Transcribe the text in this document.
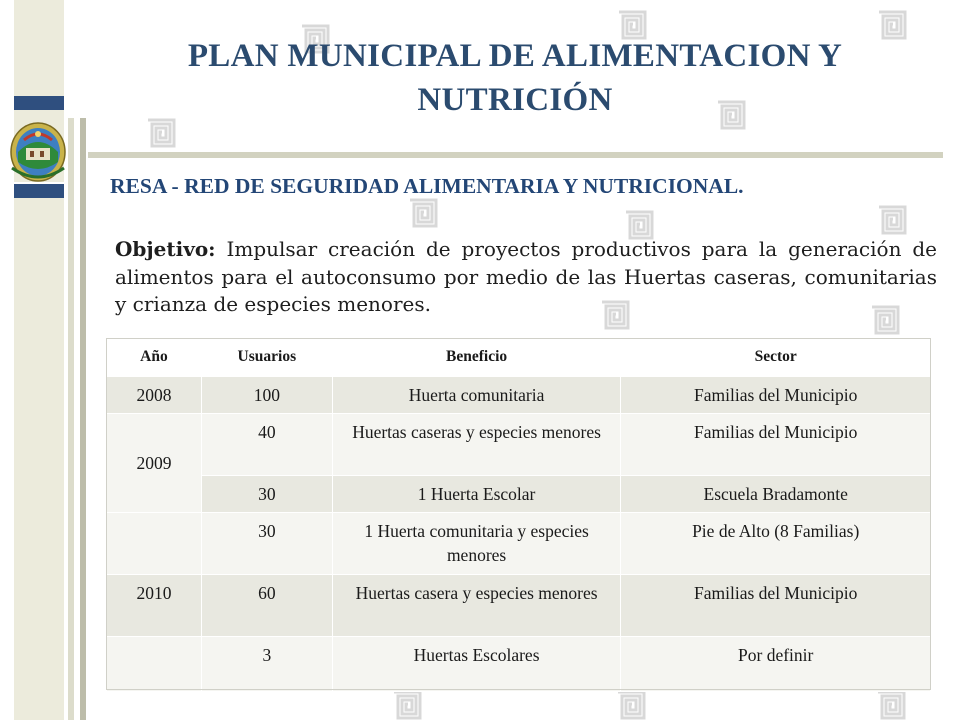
PLAN MUNICIPAL DE ALIMENTACION Y NUTRICIÓN
RESA - RED DE SEGURIDAD ALIMENTARIA Y NUTRICIONAL.
Objetivo: Impulsar creación de proyectos productivos para la generación de alimentos para el autoconsumo por medio de las Huertas caseras, comunitarias y crianza de especies menores.
Año	Usuarios	Beneficio	Sector
2008	100	Huerta comunitaria	Familias del Municipio
2009	40	Huertas caseras y especies menores	Familias del Municipio
	30	1 Huerta Escolar	Escuela Bradamonte
	30	1 Huerta comunitaria y especies menores	Pie de Alto (8 Familias)
2010	60	Huertas casera y especies menores	Familias del Municipio
	3	Huertas Escolares	Por definir
